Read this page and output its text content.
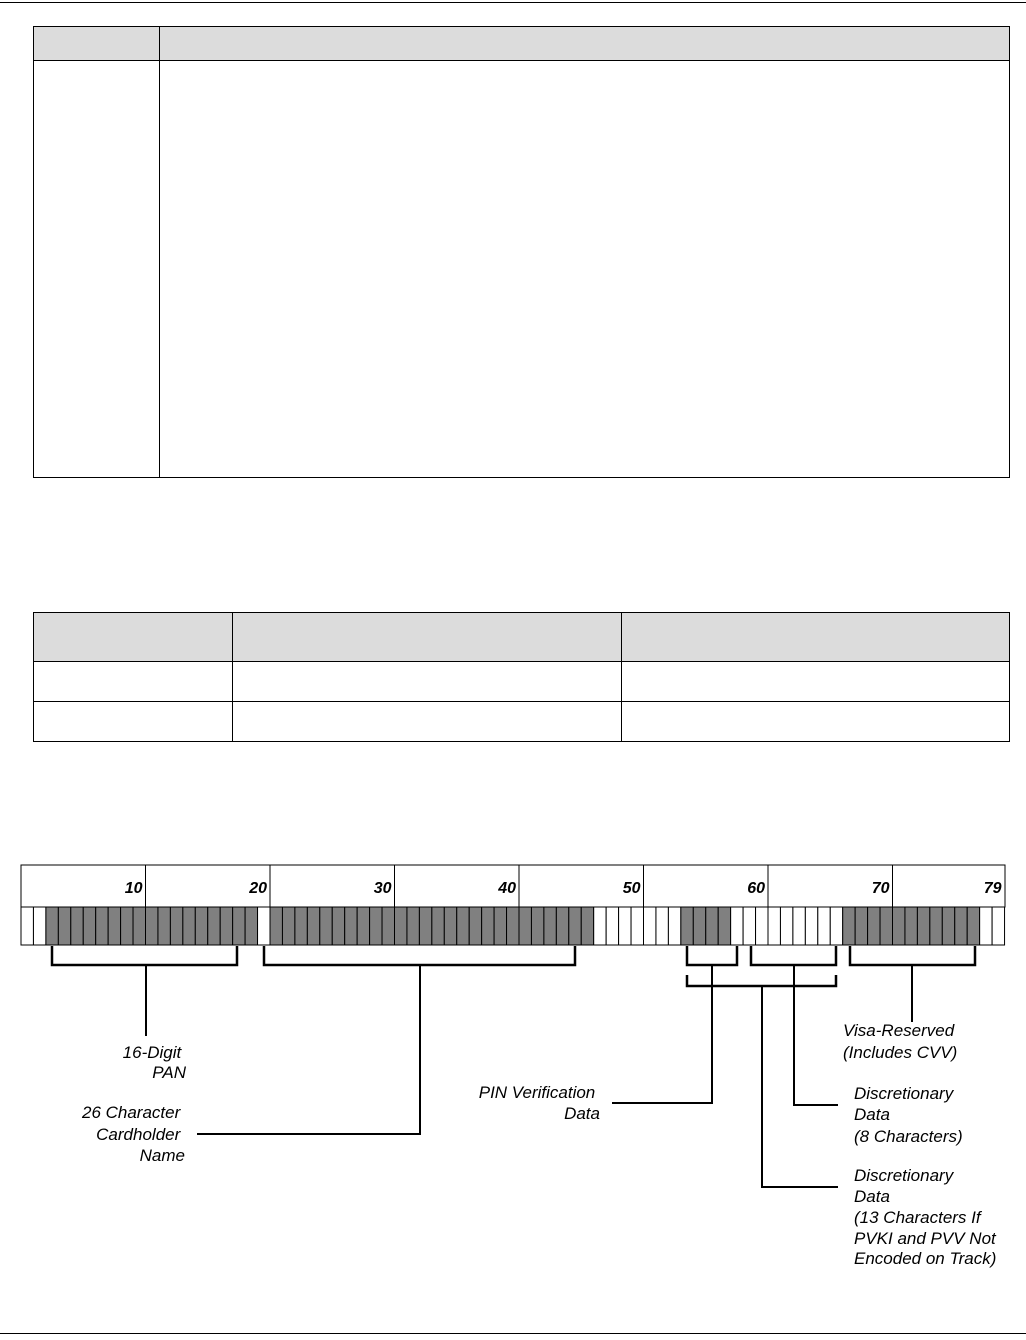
10	20	30	40	50	60	70	79
16-Digit PAN
26 Character Cardholder Name
PIN Verification Data
Discretionary Data (8 Characters)
Discretionary Data (13 Characters If PVKI and PVV Not Encoded on Track)
Visa-Reserved (Includes CVV)
